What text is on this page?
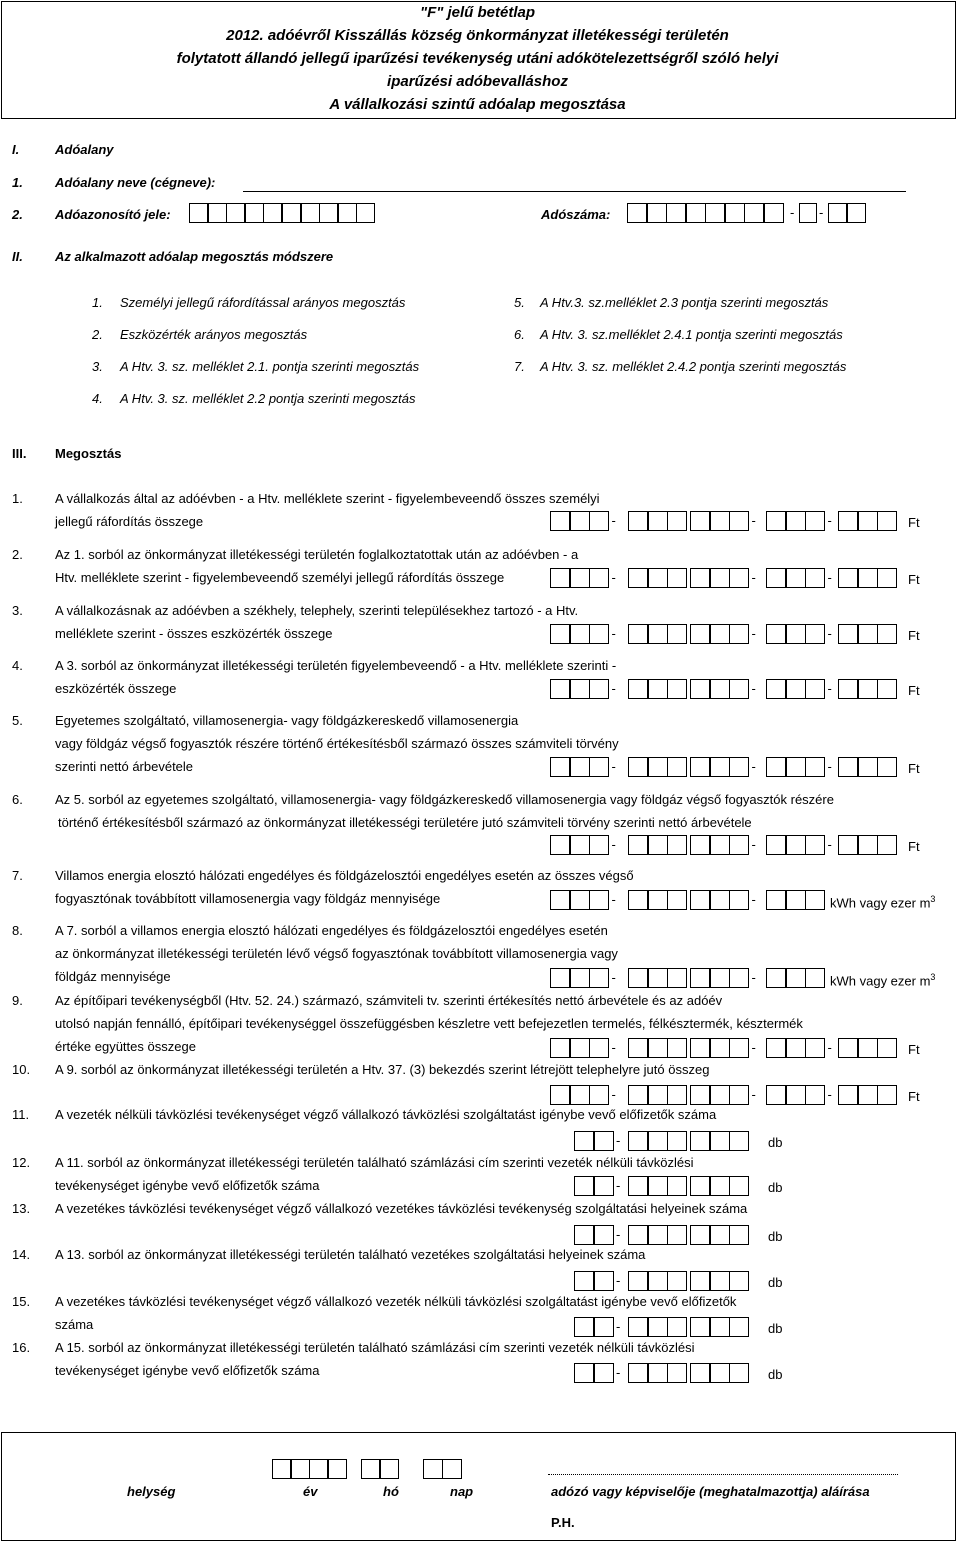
"F" jelű betétlap
2012. adóévről Kisszállás község önkormányzat illetékességi területén
folytatott állandó jellegű iparűzési tevékenység utáni adókötelezettségről szóló helyi
iparűzési adóbevalláshoz
A vállalkozási szintű adóalap megosztása
I.	Adóalany
1. Adóalany neve (cégneve):
2. Adóazonosító jele:	Adószáma:	- -
II. Az alkalmazott adóalap megosztás módszere
1. Személyi jellegű ráfordítással arányos megosztás
2. Eszközérték arányos megosztás
3. A Htv. 3. sz. melléklet 2.1. pontja szerinti megosztás
4. A Htv. 3. sz. melléklet 2.2 pontja szerinti megosztás
5. A Htv.3. sz.melléklet 2.3 pontja szerinti megosztás
6. A Htv. 3. sz.melléklet 2.4.1 pontja szerinti megosztás
7. A Htv. 3. sz. melléklet 2.4.2 pontja szerinti megosztás
III. Megosztás
1. A vállalkozás által az adóévben - a Htv. melléklete szerint - figyelembeveendő összes személyi
jellegű ráfordítás összege	-	-	-	Ft
2. Az 1. sorból az önkormányzat illetékességi területén foglalkoztatottak után az adóévben - a
Htv. melléklete szerint - figyelembeveendő személyi jellegű ráfordítás összege	-	-	-	Ft
3. A vállalkozásnak az adóévben a székhely, telephely, szerinti településekhez tartozó - a Htv.
melléklete szerint - összes eszközérték összege	-	-	-	Ft
4. A 3. sorból az önkormányzat illetékességi területén figyelembeveendő - a Htv. melléklete szerinti -
eszközérték összege	-	-	-	Ft
5. Egyetemes szolgáltató, villamosenergia- vagy földgázkereskedő villamosenergia
vagy földgáz végső fogyasztók részére történő értékesítésből származó összes számviteli törvény
szerinti nettó árbevétele	-	-	-	Ft
6. Az 5. sorból az egyetemes szolgáltató, villamosenergia- vagy földgázkereskedő villamosenergia vagy földgáz végső fogyasztók részére
történő értékesítésből származó az önkormányzat illetékességi területére jutó számviteli törvény szerinti nettó árbevétele
-	-	-	Ft
7. Villamos energia elosztó hálózati engedélyes és földgázelosztói engedélyes esetén az összes végső
fogyasztónak továbbított villamosenergia vagy földgáz mennyisége	-	-	kWh vagy ezer $m^3$
8. A 7. sorból a villamos energia elosztó hálózati engedélyes és földgázelosztói engedélyes esetén
az önkormányzat illetékességi területén lévő végső fogyasztónak továbbított villamosenergia vagy
földgáz mennyisége	-	-	kWh vagy ezer $m^3$
9. Az építőipari tevékenységből (Htv. 52. 24.) származó, számviteli tv. szerinti értékesítés nettó árbevétele és az adóév
utolsó napján fennálló, építőipari tevékenységgel összefüggésben készletre vett befejezetlen termelés, félkésztermék, késztermék
értéke együttes összege	-	-	-	Ft
10. A 9. sorból az önkormányzat illetékességi területén a Htv. 37. (3) bekezdés szerint létrejött telephelyre jutó összeg
-	-	-	Ft
11. A vezeték nélküli távközlési tevékenységet végző vállalkozó távközlési szolgáltatást igénybe vevő előfizetők száma
-	db
12. A 11. sorból az önkormányzat illetékességi területén található számlázási cím szerinti vezeték nélküli távközlési
tevékenységet igénybe vevő előfizetők száma	-	db
13. A vezetékes távközlési tevékenységet végző vállalkozó vezetékes távközlési tevékenység szolgáltatási helyeinek száma
-	db
14. A 13. sorból az önkormányzat illetékességi területén található vezetékes szolgáltatási helyeinek száma
-	db
15. A vezetékes távközlési tevékenységet végző vállalkozó vezeték nélküli távközlési szolgáltatást igénybe vevő előfizetők
száma	-	db
16. A 15. sorból az önkormányzat illetékességi területén található számlázási cím szerinti vezeték nélküli távközlési
tevékenységet igénybe vevő előfizetők száma	-	db
helység	év	hó	nap	adózó vagy képviselője (meghatalmazottja) aláírása
P.H.
